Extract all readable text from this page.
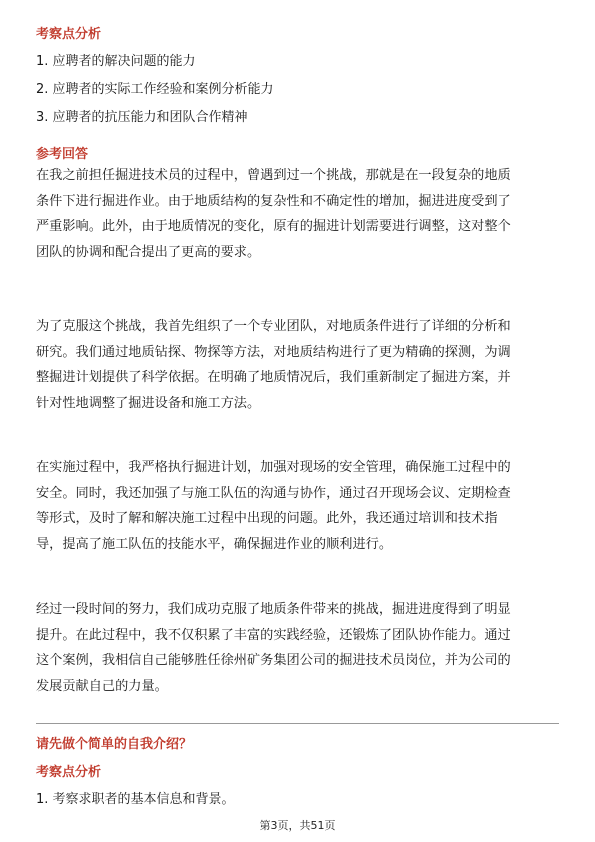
考察点分析

1. 应聘者的解决问题的能力

2. 应聘者的实际工作经验和案例分析能力

3. 应聘者的抗压能力和团队合作精神

参考回答

在我之前担任掘进技术员的过程中，曾遇到过一个挑战，那就是在一段复杂的地质

条件下进行掘进作业。由于地质结构的复杂性和不确定性的增加，掘进进度受到了

严重影响。此外，由于地质情况的变化，原有的掘进计划需要进行调整，这对整个

团队的协调和配合提出了更高的要求。

为了克服这个挑战，我首先组织了一个专业团队，对地质条件进行了详细的分析和

研究。我们通过地质钻探、物探等方法，对地质结构进行了更为精确的探测，为调

整掘进计划提供了科学依据。在明确了地质情况后，我们重新制定了掘进方案，并

针对性地调整了掘进设备和施工方法。

在实施过程中，我严格执行掘进计划，加强对现场的安全管理，确保施工过程中的

安全。同时，我还加强了与施工队伍的沟通与协作，通过召开现场会议、定期检查

等形式，及时了解和解决施工过程中出现的问题。此外，我还通过培训和技术指

导，提高了施工队伍的技能水平，确保掘进作业的顺利进行。

经过一段时间的努力，我们成功克服了地质条件带来的挑战，掘进进度得到了明显

提升。在此过程中，我不仅积累了丰富的实践经验，还锻炼了团队协作能力。通过

这个案例，我相信自己能够胜任徐州矿务集团公司的掘进技术员岗位，并为公司的

发展贡献自己的力量。

请先做个简单的自我介绍？

考察点分析

1. 考察求职者的基本信息和背景。

第3页，共51页
